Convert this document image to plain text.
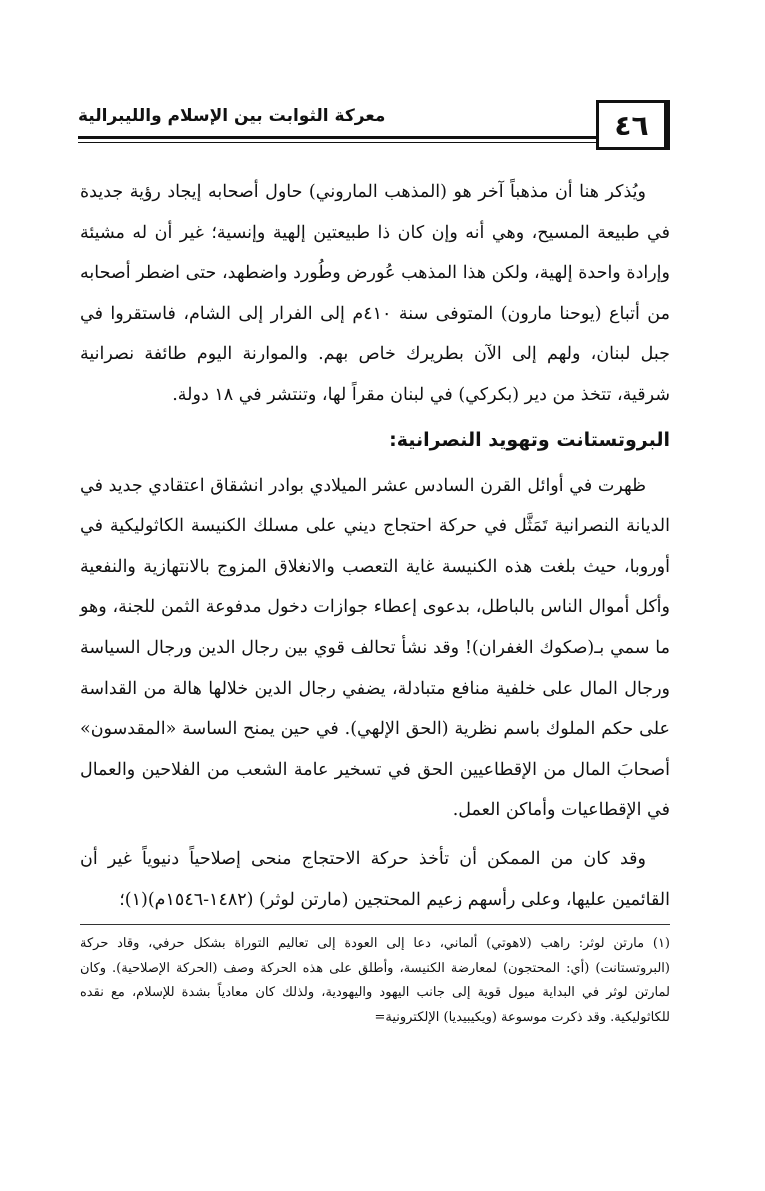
٤٦
معركة الثوابت بين الإسلام والليبرالية

ويُذكر هنا أن مذهباً آخر هو (المذهب الماروني) حاول أصحابه إيجاد رؤية جديدة في طبيعة المسيح، وهي أنه وإن كان ذا طبيعتين إلهية وإنسية؛ غير أن له مشيئة وإرادة واحدة إلهية، ولكن هذا المذهب عُورض وطُورد واضطهد، حتى اضطر أصحابه من أتباع (يوحنا مارون) المتوفى سنة ٤١٠م إلى الفرار إلى الشام، فاستقروا في جبل لبنان، ولهم إلى الآن بطريرك خاص بهم. والموارنة اليوم طائفة نصرانية شرقية، تتخذ من دير (بكركي) في لبنان مقراً لها، وتنتشر في ١٨ دولة.

البروتستانت وتهويد النصرانية:

ظهرت في أوائل القرن السادس عشر الميلادي بوادر انشقاق اعتقادي جديد في الديانة النصرانية تَمَثَّل في حركة احتجاج ديني على مسلك الكنيسة الكاثوليكية في أوروبا، حيث بلغت هذه الكنيسة غاية التعصب والانغلاق المزوج بالانتهازية والنفعية وأكل أموال الناس بالباطل، بدعوى إعطاء جوازات دخول مدفوعة الثمن للجنة، وهو ما سمي بـ(صكوك الغفران)! وقد نشأ تحالف قوي بين رجال الدين ورجال السياسة ورجال المال على خلفية منافع متبادلة، يضفي رجال الدين خلالها هالة من القداسة على حكم الملوك باسم نظرية (الحق الإلهي). في حين يمنح الساسة «المقدسون» أصحابَ المال من الإقطاعيين الحق في تسخير عامة الشعب من الفلاحين والعمال في الإقطاعيات وأماكن العمل.

وقد كان من الممكن أن تأخذ حركة الاحتجاج منحى إصلاحياً دنيوياً غير أن القائمين عليها، وعلى رأسهم زعيم المحتجين (مارتن لوثر) (١٤٨٢-١٥٤٦م)(١)؛

(١) مارتن لوثر: راهب (لاهوتي) ألماني، دعا إلى العودة إلى تعاليم التوراة بشكل حرفي، وقاد حركة (البروتستانت) (أي: المحتجون) لمعارضة الكنيسة، وأطلق على هذه الحركة وصف (الحركة الإصلاحية). وكان لمارتن لوثر في البداية ميول قوية إلى جانب اليهود واليهودية، ولذلك كان معادياً بشدة للإسلام، مع نقده للكاثوليكية. وقد ذكرت موسوعة (ويكيبيديا) الإلكترونية=
